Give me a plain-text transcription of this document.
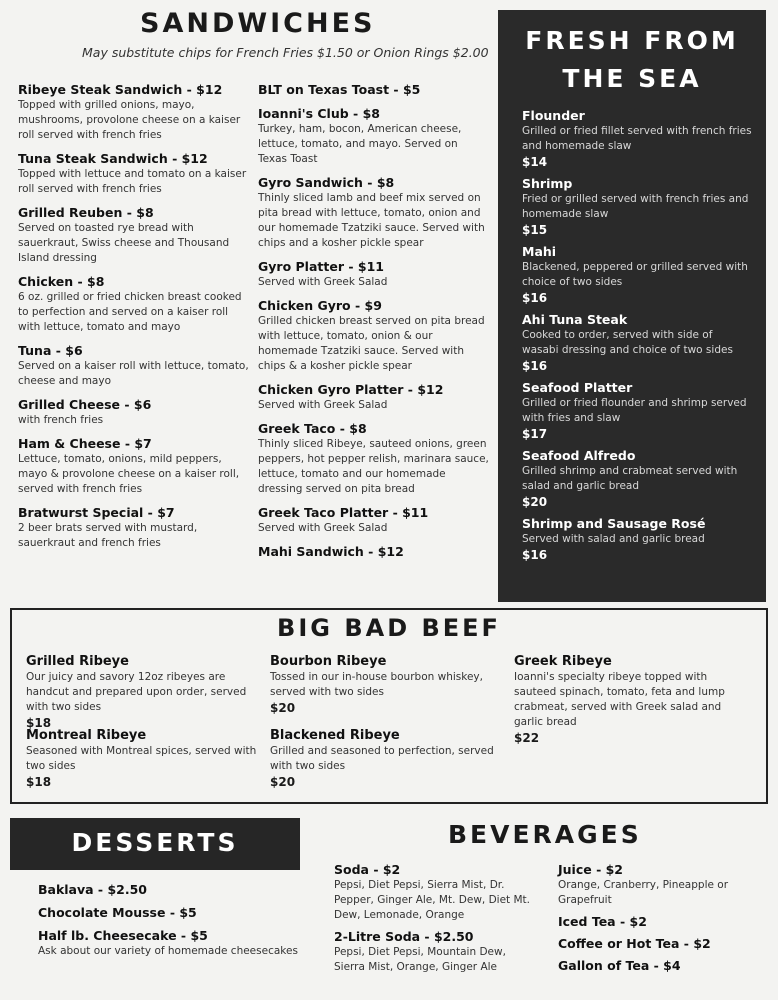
SANDWICHES
May substitute chips for French Fries $1.50 or Onion Rings $2.00
Ribeye Steak Sandwich - $12
Topped with grilled onions, mayo, mushrooms, provolone cheese on a kaiser roll served with french fries
Tuna Steak Sandwich - $12
Topped with lettuce and tomato on a kaiser roll served with french fries
Grilled Reuben - $8
Served on toasted rye bread with sauerkraut, Swiss cheese and Thousand Island dressing
Chicken - $8
6 oz. grilled or fried chicken breast cooked to perfection and served on a kaiser roll with lettuce, tomato and mayo
Tuna - $6
Served on a kaiser roll with lettuce, tomato, cheese and mayo
Grilled Cheese - $6
with french fries
Ham & Cheese - $7
Lettuce, tomato, onions, mild peppers, mayo & provolone cheese on a kaiser roll, served with french fries
Bratwurst Special - $7
2 beer brats served with mustard, sauerkraut and french fries
BLT on Texas Toast - $5
Ioanni's Club - $8
Turkey, ham, bocon, American cheese, lettuce, tomato, and mayo. Served on Texas Toast
Gyro Sandwich - $8
Thinly sliced lamb and beef mix served on pita bread with lettuce, tomato, onion and our homemade Tzatziki sauce. Served with chips and a kosher pickle spear
Gyro Platter - $11
Served with Greek Salad
Chicken Gyro - $9
Grilled chicken breast served on pita bread with lettuce, tomato, onion & our homemade Tzatziki sauce. Served with chips & a kosher pickle spear
Chicken Gyro Platter - $12
Served with Greek Salad
Greek Taco - $8
Thinly sliced Ribeye, sauteed onions, green peppers, hot pepper relish, marinara sauce, lettuce, tomato and our homemade dressing served on pita bread
Greek Taco Platter - $11
Served with Greek Salad
Mahi Sandwich - $12
FRESH FROM THE SEA
Flounder
Grilled or fried fillet served with french fries and homemade slaw
$14
Shrimp
Fried or grilled served with french fries and homemade slaw
$15
Mahi
Blackened, peppered or grilled served with choice of two sides
$16
Ahi Tuna Steak
Cooked to order, served with side of wasabi dressing and choice of two sides
$16
Seafood Platter
Grilled or fried flounder and shrimp served with fries and slaw
$17
Seafood Alfredo
Grilled shrimp and crabmeat served with salad and garlic bread
$20
Shrimp and Sausage Rosé
Served with salad and garlic bread
$16
BIG BAD BEEF
Grilled Ribeye
Our juicy and savory 12oz ribeyes are handcut and prepared upon order, served with two sides
$18
Bourbon Ribeye
Tossed in our in-house bourbon whiskey, served with two sides
$20
Greek Ribeye
Ioanni's specialty ribeye topped with sauteed spinach, tomato, feta and lump crabmeat, served with Greek salad and garlic bread
$22
Montreal Ribeye
Seasoned with Montreal spices, served with two sides
$18
Blackened Ribeye
Grilled and seasoned to perfection, served with two sides
$20
DESSERTS
Baklava - $2.50
Chocolate Mousse - $5
Half lb. Cheesecake - $5
Ask about our variety of homemade cheesecakes
BEVERAGES
Soda - $2
Pepsi, Diet Pepsi, Sierra Mist, Dr. Pepper, Ginger Ale, Mt. Dew, Diet Mt. Dew, Lemonade, Orange
2-Litre Soda - $2.50
Pepsi, Diet Pepsi, Mountain Dew, Sierra Mist, Orange, Ginger Ale
Juice - $2
Orange, Cranberry, Pineapple or Grapefruit
Iced Tea - $2
Coffee or Hot Tea - $2
Gallon of Tea - $4
